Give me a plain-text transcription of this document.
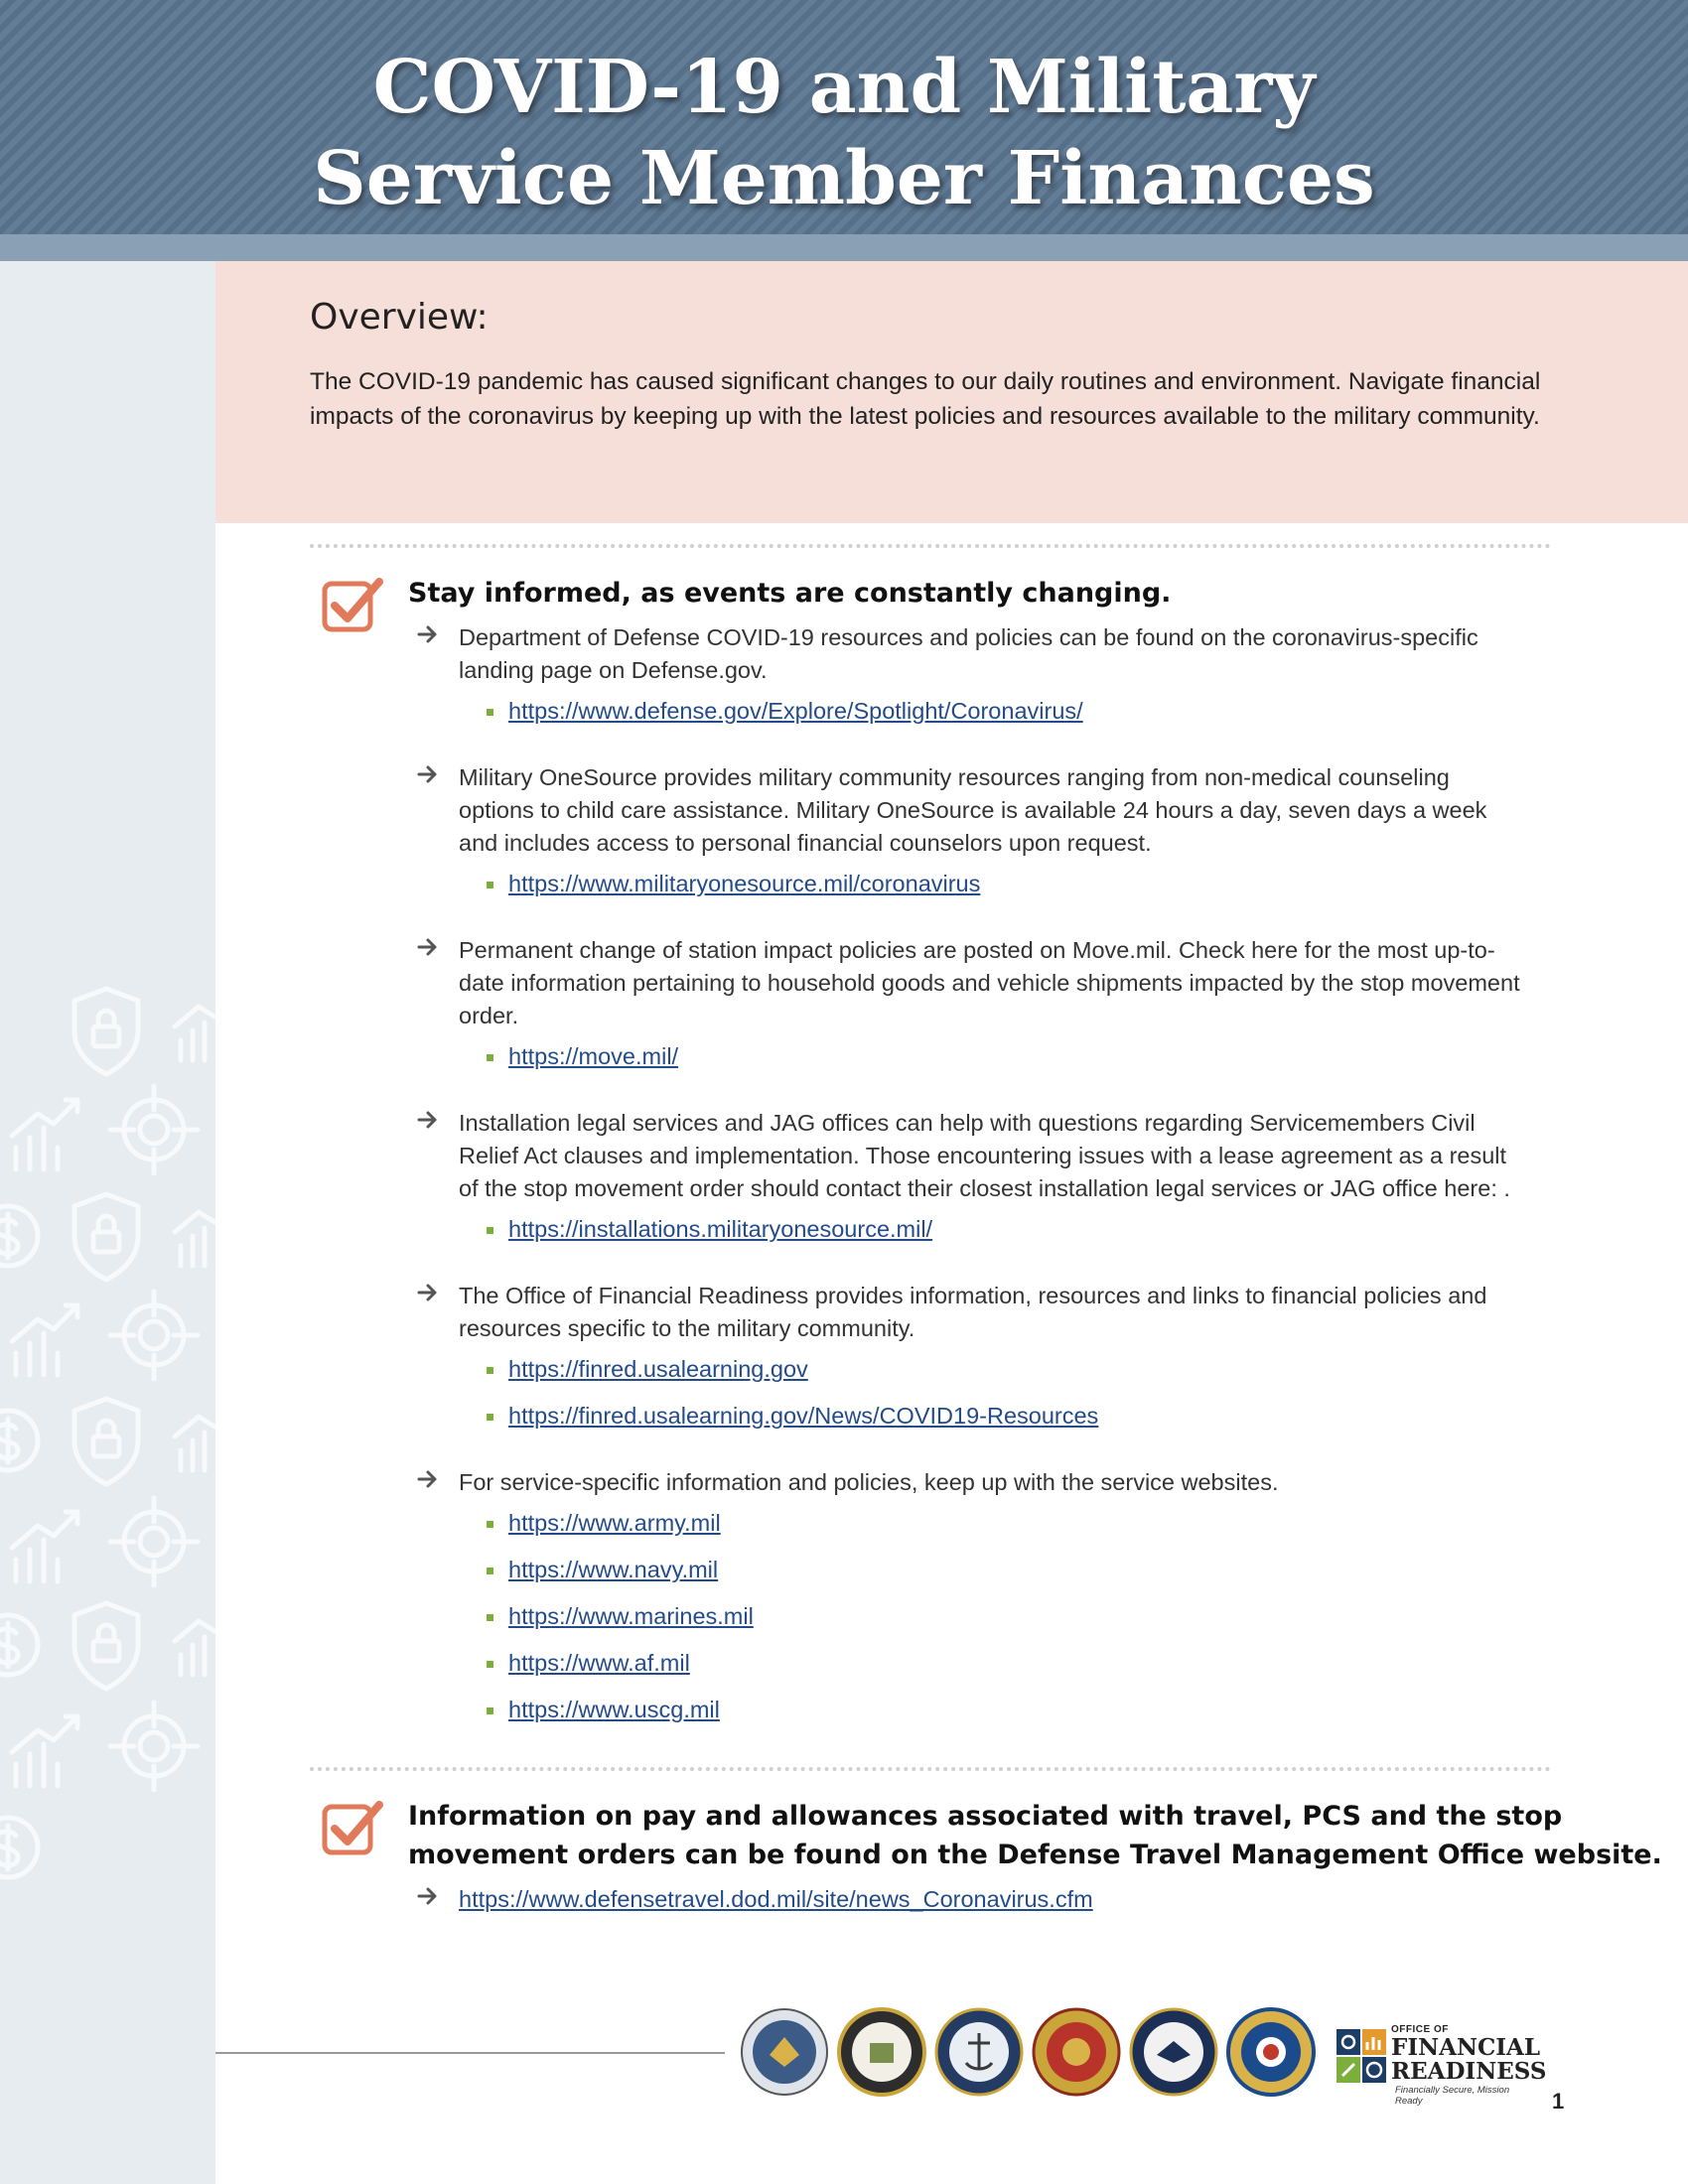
COVID-19 and Military
Service Member Finances
Overview:

The COVID-19 pandemic has caused significant changes to our daily routines and environment. Navigate financial impacts of the coronavirus by keeping up with the latest policies and resources available to the military community.

Stay informed, as events are constantly changing.
Department of Defense COVID-19 resources and policies can be found on the coronavirus-specific landing page on Defense.gov.
https://www.defense.gov/Explore/Spotlight/Coronavirus/
Military OneSource provides military community resources ranging from non-medical counseling options to child care assistance. Military OneSource is available 24 hours a day, seven days a week and includes access to personal financial counselors upon request.
https://www.militaryonesource.mil/coronavirus
Permanent change of station impact policies are posted on Move.mil. Check here for the most up-to-date information pertaining to household goods and vehicle shipments impacted by the stop movement order.
https://move.mil/
Installation legal services and JAG offices can help with questions regarding Servicemembers Civil Relief Act clauses and implementation. Those encountering issues with a lease agreement as a result of the stop movement order should contact their closest installation legal services or JAG office here: .
https://installations.militaryonesource.mil/
The Office of Financial Readiness provides information, resources and links to financial policies and resources specific to the military community.
https://finred.usalearning.gov
https://finred.usalearning.gov/News/COVID19-Resources
For service-specific information and policies, keep up with the service websites.
https://www.army.mil
https://www.navy.mil
https://www.marines.mil
https://www.af.mil
https://www.uscg.mil
Information on pay and allowances associated with travel, PCS and the stop
movement orders can be found on the Defense Travel Management Office website.
https://www.defensetravel.dod.mil/site/news_Coronavirus.cfm
OFFICE OF
FINANCIAL
READINESS
Financially Secure, Mission Ready	1
